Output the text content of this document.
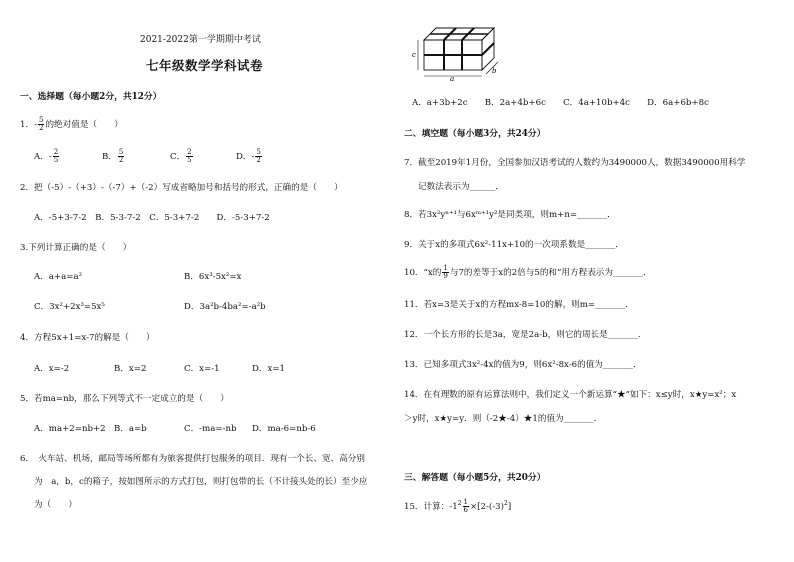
2021-2022第一学期期中考试
七年级数学学科试卷
一、选择题（每小题2分，共12分）
1．- $\frac{5}{2}$ 的绝对值是（　　）
A．- $\frac{2}{5}$	B． $\frac{5}{2}$	C． $\frac{2}{5}$	D．- $\frac{5}{2}$
2．把（-5）-（+3）-（-7）+（-2）写成省略加号和括号的形式，正确的是（　　）
A．-5+3-7-2　B．5-3-7-2　C．5-3+7-2　　D．-5-3+7-2
3.下列计算正确的是（　　）
A．a+a=a²	B．6x³-5x²=x
C．3x²+2x³=5x⁵	D．3a²b-4ba²=-a²b
4．方程5x+1=x-7的解是（　　）
A．x=-2	B．x=2	C．x=-1	D．x=1
5．若ma=nb，那么下列等式不一定成立的是（　　）
A．ma+2=nb+2 B．a=b	C．-ma=-nb D．ma-6=nb-6
6．　火车站、机场，邮局等场所都有为旅客提供打包服务的项目．现有一个长、宽、高分别
为　a，b，c的箱子，按如图所示的方式打包，则打包带的长（不计接头处的长）至少应
为（　　）
a
c
b
A．a+3b+2c　　B．2a+4b+6c　　C．4a+10b+4c　　D．6a+6b+8c
二、填空题（每小题3分，共24分）
7．截至2019年1月份，全国参加汉语考试的人数约为3490000人，数据3490000用科学
记数法表示为______．
8．若3x²yⁿ⁺¹与6xᵐ⁺¹y²是同类项，则m+n=_______．
9．关于x的多项式6x²-11x+10的一次项系数是_______．
10．“x的 $\frac{1}{9}$ 与7的差等于x的2倍与5的和”用方程表示为_______．
11．若x=3是关于x的方程mx-8=10的解，则m=_______．
12．一个长方形的长是3a，宽是2a-b，则它的周长是_______．
13．已知多项式3x²-4x的值为9，则6x²-8x-6的值为_______．
14．在有理数的原有运算法则中，我们定义一个新运算“★”如下：x≤y时，x★y=x²；x
＞y时，x★y=y．则（-2★-4）★1的值为_______．
三、解答题（每小题5分，共20分）
15．计算：$-1^2 \frac{1}{6} \times[2-(-3)^2]$
